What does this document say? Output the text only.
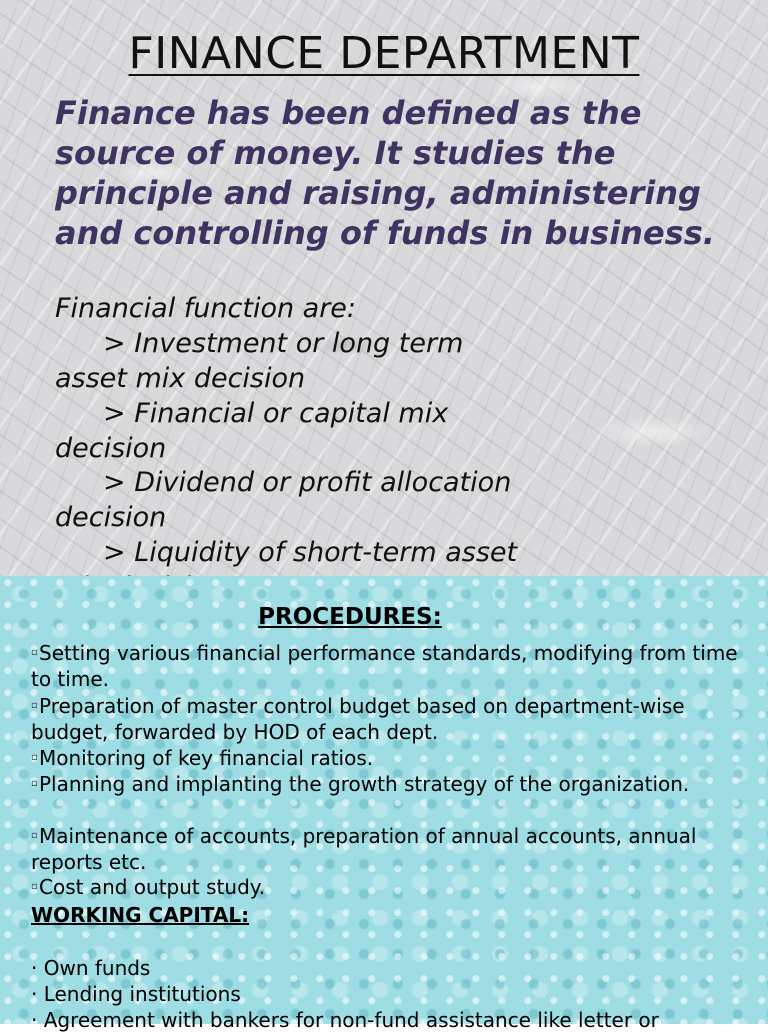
FINANCE DEPARTMENT

Finance has been defined as the source of money. It studies the principle and raising, administering and controlling of funds in business.

Financial function are:

> Investment or long term asset mix decision

> Financial or capital mix decision

> Dividend or profit allocation decision

> Liquidity of short-term asset

PROCEDURES:

▫Setting various financial performance standards, modifying from time to time.

▫Preparation of master control budget based on department-wise budget, forwarded by HOD of each dept.

▫Monitoring of key financial ratios.

▫Planning and implanting the growth strategy of the organization.

▫Maintenance of accounts, preparation of annual accounts, annual reports etc.

▫Cost and output study.

WORKING CAPITAL:

· Own funds

· Lending institutions

· Agreement with bankers for non-fund assistance like letter or
